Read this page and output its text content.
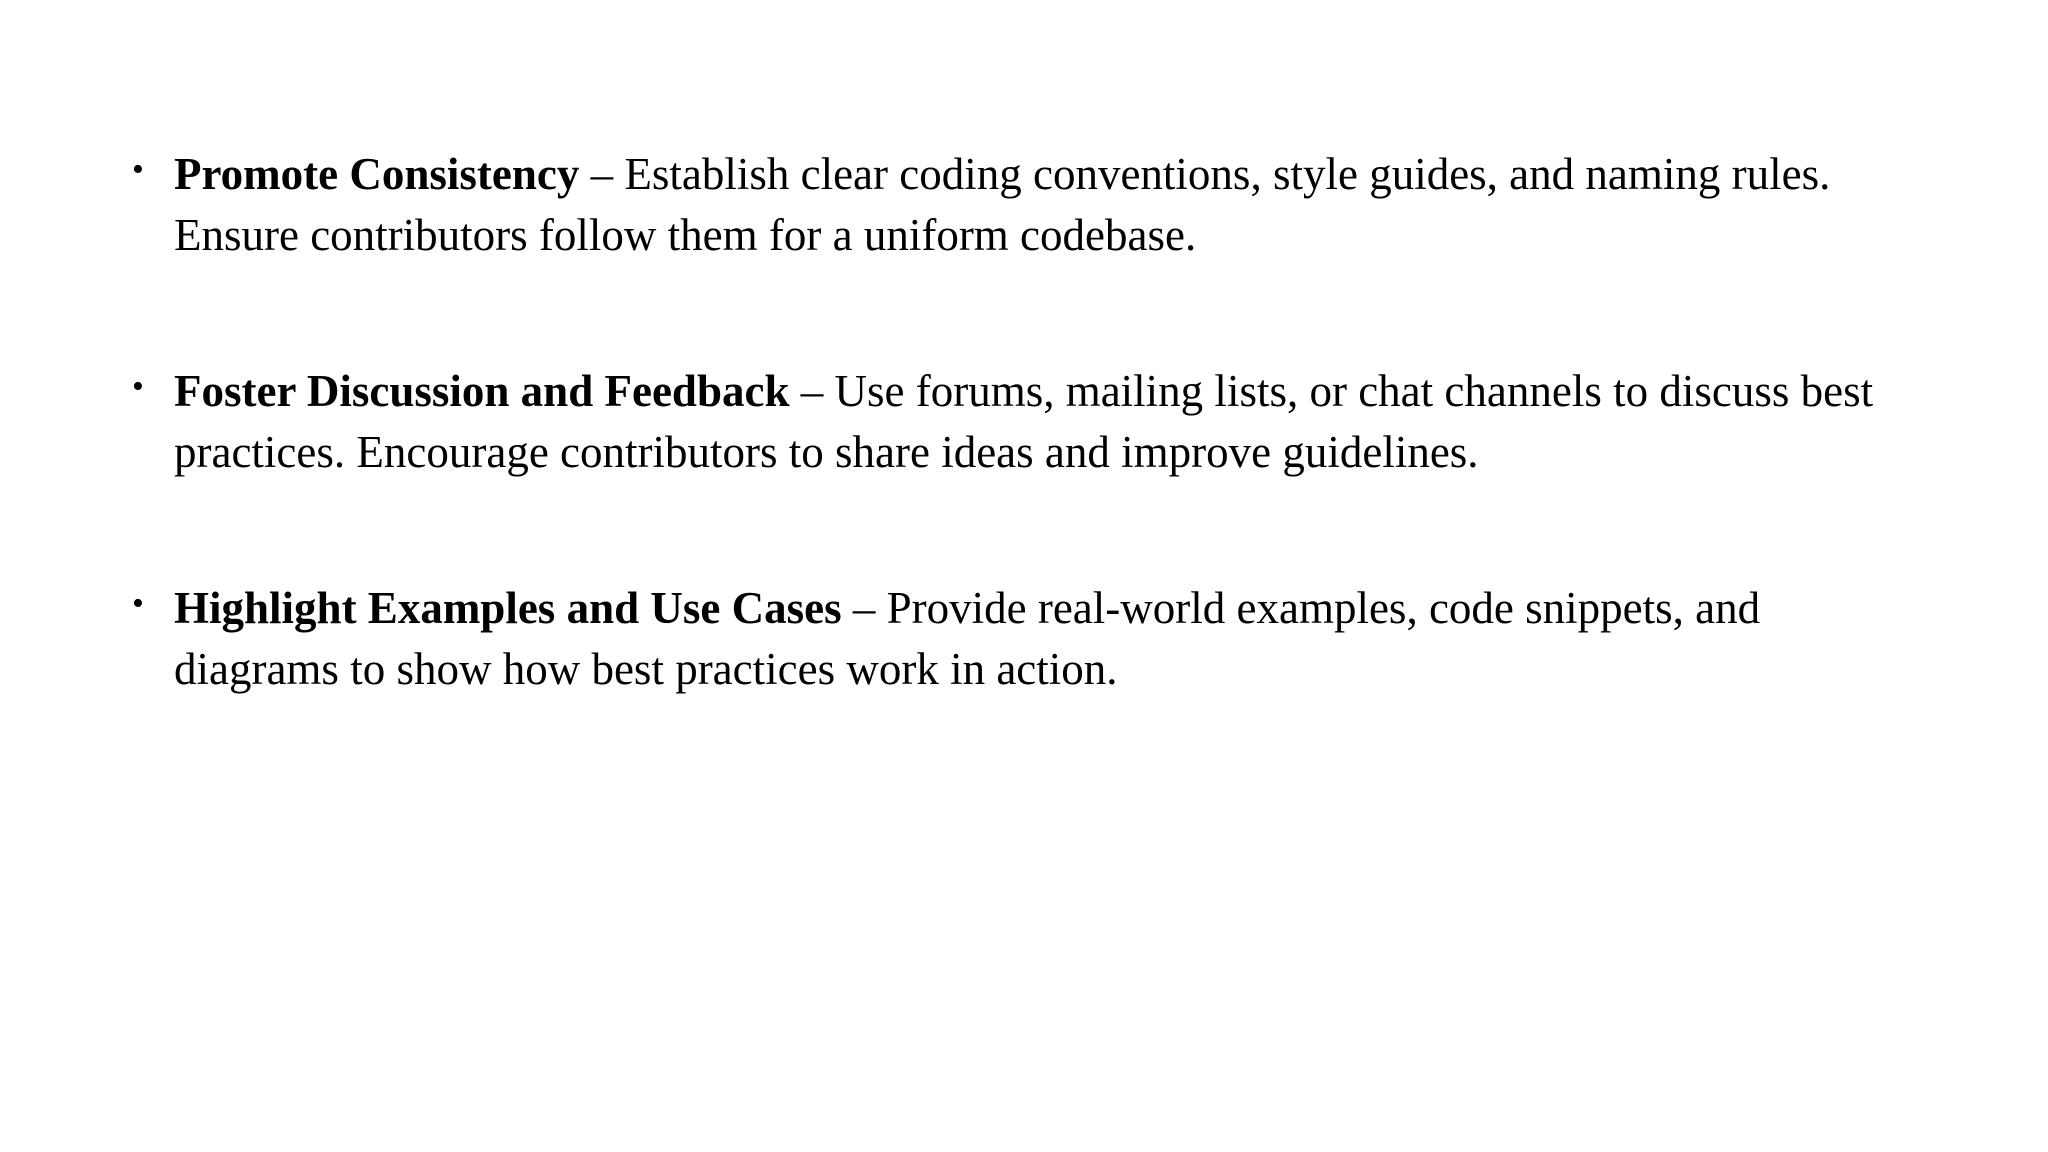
• Promote Consistency – Establish clear coding conventions, style guides, and naming rules. Ensure contributors follow them for a uniform codebase.
• Foster Discussion and Feedback – Use forums, mailing lists, or chat channels to discuss best practices. Encourage contributors to share ideas and improve guidelines.
• Highlight Examples and Use Cases – Provide real-world examples, code snippets, and diagrams to show how best practices work in action.
